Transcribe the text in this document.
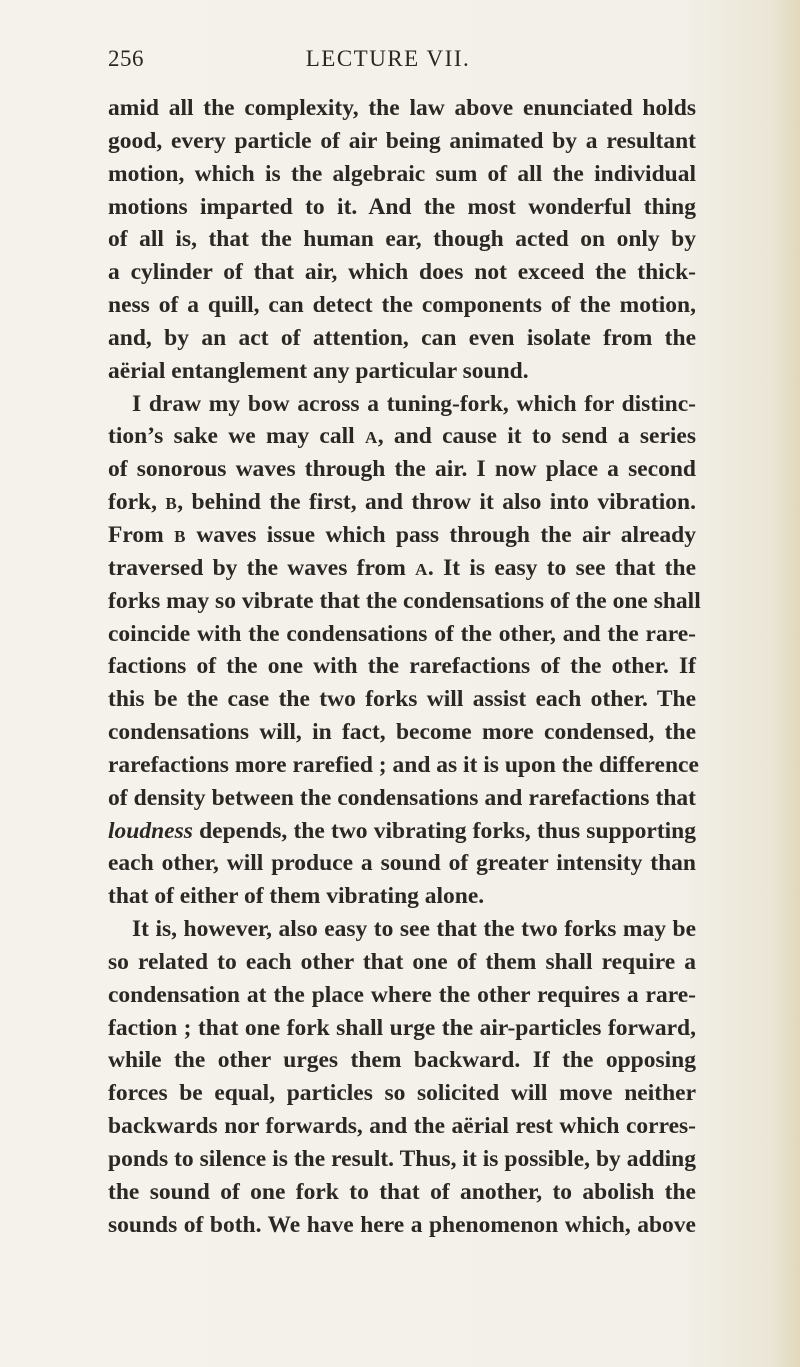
256	LECTURE VII.
amid all the complexity, the law above enunciated holds
good, every particle of air being animated by a resultant
motion, which is the algebraic sum of all the individual
motions imparted to it. And the most wonderful thing
of all is, that the human ear, though acted on only by
a cylinder of that air, which does not exceed the thick-
ness of a quill, can detect the components of the motion,
and, by an act of attention, can even isolate from the
aërial entanglement any particular sound.
I draw my bow across a tuning-fork, which for distinc-
tion’s sake we may call A, and cause it to send a series
of sonorous waves through the air. I now place a second
fork, B, behind the first, and throw it also into vibration.
From B waves issue which pass through the air already
traversed by the waves from A. It is easy to see that the
forks may so vibrate that the condensations of the one shall
coincide with the condensations of the other, and the rare-
factions of the one with the rarefactions of the other. If
this be the case the two forks will assist each other. The
condensations will, in fact, become more condensed, the
rarefactions more rarefied ; and as it is upon the difference
of density between the condensations and rarefactions that
loudness depends, the two vibrating forks, thus supporting
each other, will produce a sound of greater intensity than
that of either of them vibrating alone.
It is, however, also easy to see that the two forks may be
so related to each other that one of them shall require a
condensation at the place where the other requires a rare-
faction ; that one fork shall urge the air-particles forward,
while the other urges them backward. If the opposing
forces be equal, particles so solicited will move neither
backwards nor forwards, and the aërial rest which corres-
ponds to silence is the result. Thus, it is possible, by adding
the sound of one fork to that of another, to abolish the
sounds of both. We have here a phenomenon which, above
